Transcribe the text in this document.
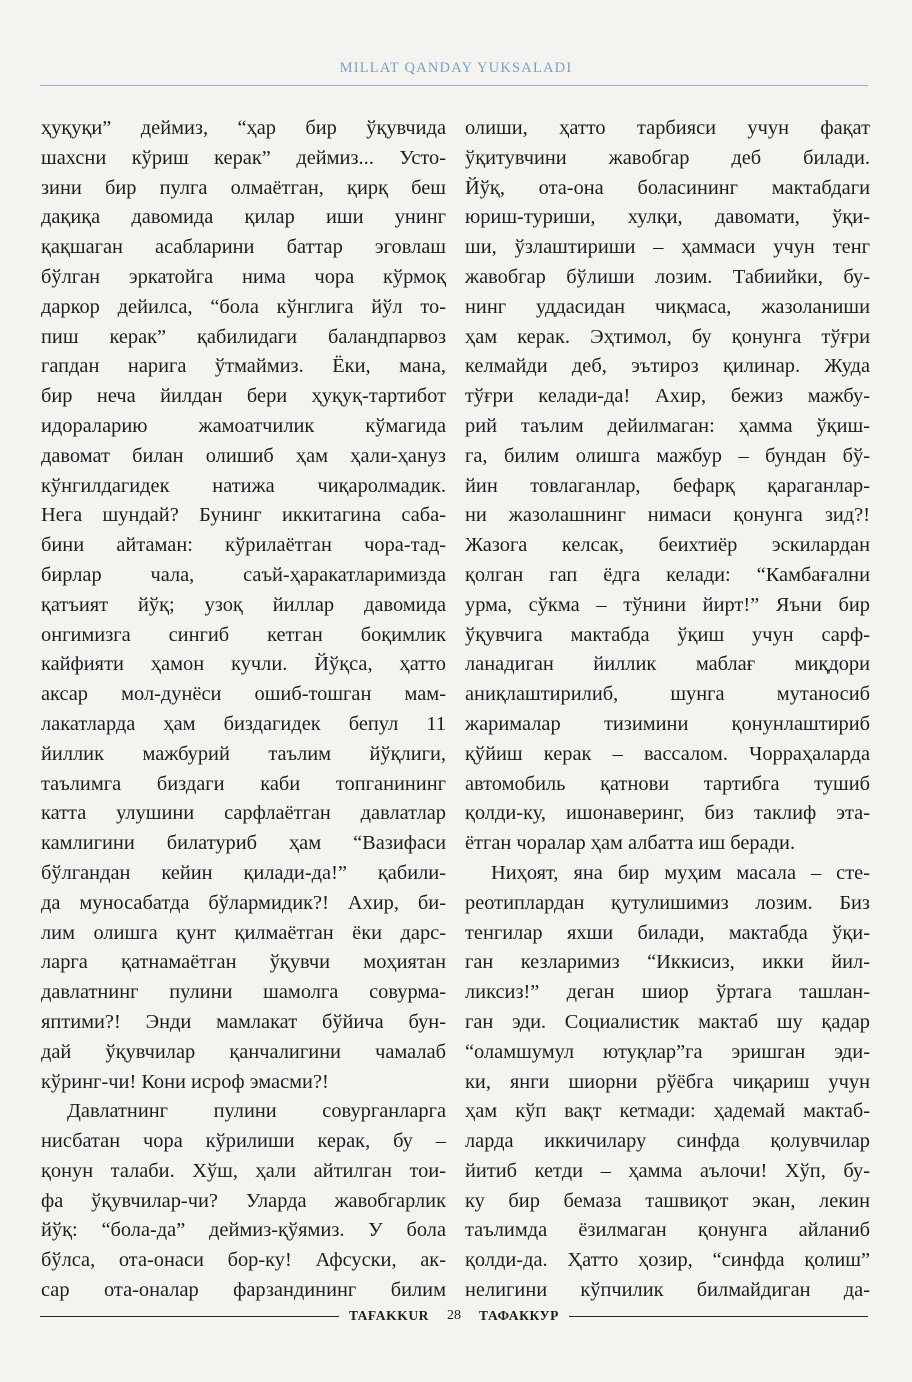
MILLAT QANDAY YUKSALADI
ҳуқуқи” деймиз, “ҳар бир ўқувчида
шахсни кўриш керак” деймиз... Усто-
зини бир пулга олмаётган, қирқ беш
дақиқа давомида қилар иши унинг
қақшаган асабларини баттар эговлаш
бўлган эркатойга нима чора кўрмоқ
даркор дейилса, “бола кўнглига йўл то-
пиш керак” қабилидаги баландпарвоз
гапдан нарига ўтмаймиз. Ёки, мана,
бир неча йилдан бери ҳуқуқ-тартибот
идораларию жамоатчилик кўмагида
давомат билан олишиб ҳам ҳали-ҳануз
кўнгилдагидек натижа чиқаролмадик.
Нега шундай? Бунинг иккитагина саба-
бини айтаман: кўрилаётган чора-тад-
бирлар чала, саъй-ҳаракатларимизда
қатъият йўқ; узоқ йиллар давомида
онгимизга сингиб кетган боқимлик
кайфияти ҳамон кучли. Йўқса, ҳатто
аксар мол-дунёси ошиб-тошган мам-
лакатларда ҳам биздагидек бепул 11
йиллик мажбурий таълим йўқлиги,
таълимга биздаги каби топганининг
катта улушини сарфлаётган давлатлар
камлигини билатуриб ҳам “Вазифаси
бўлгандан кейин қилади-да!” қабили-
да муносабатда бўлармидик?! Ахир, би-
лим олишга қунт қилмаётган ёки дарс-
ларга қатнамаётган ўқувчи моҳиятан
давлатнинг пулини шамолга совурма-
яптими?! Энди мамлакат бўйича бун-
дай ўқувчилар қанчалигини чамалаб
кўринг-чи! Кони исроф эмасми?!
Давлатнинг пулини совурганларга
нисбатан чора кўрилиши керак, бу –
қонун талаби. Хўш, ҳали айтилган тои-
фа ўқувчилар-чи? Уларда жавобгарлик
йўқ: “бола-да” деймиз-қўямиз. У бола
бўлса, ота-онаси бор-ку! Афсуски, ак-
сар ота-оналар фарзандининг билим
олиши, ҳатто тарбияси учун фақат
ўқитувчини жавобгар деб билади.
Йўқ, ота-она боласининг мактабдаги
юриш-туриши, хулқи, давомати, ўқи-
ши, ўзлаштириши – ҳаммаси учун тенг
жавобгар бўлиши лозим. Табиийки, бу-
нинг уддасидан чиқмаса, жазоланиши
ҳам керак. Эҳтимол, бу қонунга тўғри
келмайди деб, эътироз қилинар. Жуда
тўғри келади-да! Ахир, бежиз мажбу-
рий таълим дейилмаган: ҳамма ўқиш-
га, билим олишга мажбур – бундан бў-
йин товлаганлар, бефарқ қараганлар-
ни жазолашнинг нимаси қонунга зид?!
Жазога келсак, беихтиёр эскилардан
қолган гап ёдга келади: “Камбағални
урма, сўкма – тўнини йирт!” Яъни бир
ўқувчига мактабда ўқиш учун сарф-
ланадиган йиллик маблағ миқдори
аниқлаштирилиб, шунга мутаносиб
жарималар тизимини қонунлаштириб
қўйиш керак – вассалом. Чорраҳаларда
автомобиль қатнови тартибга тушиб
қолди-ку, ишонаверинг, биз таклиф эта-
ётган чоралар ҳам албатта иш беради.
Ниҳоят, яна бир муҳим масала – сте-
реотиплардан қутулишимиз лозим. Биз
тенгилар яхши билади, мактабда ўқи-
ган кезларимиз “Иккисиз, икки йил-
ликсиз!” деган шиор ўртага ташлан-
ган эди. Социалистик мактаб шу қадар
“оламшумул ютуқлар”га эришган эди-
ки, янги шиорни рўёбга чиқариш учун
ҳам кўп вақт кетмади: ҳадемай мактаб-
ларда иккичилару синфда қолувчилар
йитиб кетди – ҳамма аълочи! Хўп, бу-
ку бир бемаза ташвиқот экан, лекин
таълимда ёзилмаган қонунга айланиб
қолди-да. Ҳатто ҳозир, “синфда қолиш”
нелигини кўпчилик билмайдиган да-
TAFAKKUR	28	ТАФАККУР
